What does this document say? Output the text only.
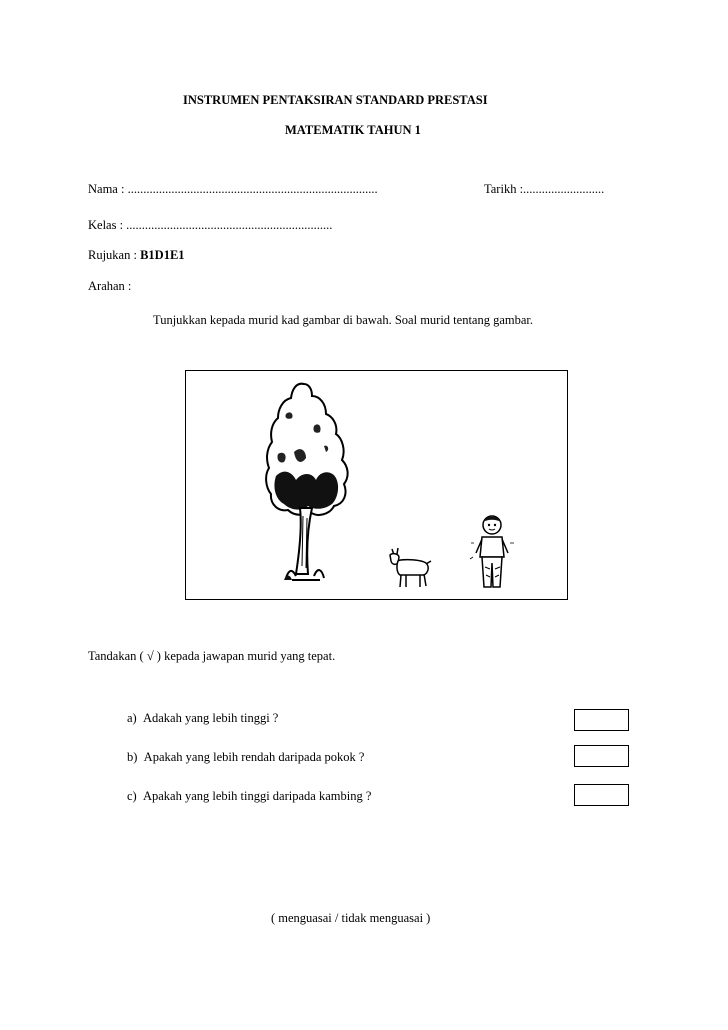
INSTRUMEN PENTAKSIRAN STANDARD PRESTASI
MATEMATIK TAHUN 1
Nama : ................................................................................	Tarikh :..........................
Kelas : ..................................................................
Rujukan : B1D1E1
Arahan :
Tunjukkan kepada murid kad gambar di bawah. Soal murid tentang gambar.
Tandakan ( √ ) kepada jawapan murid yang tepat.
a) Adakah yang lebih tinggi ?
b) Apakah yang lebih rendah daripada pokok ?
c) Apakah yang lebih tinggi daripada kambing ?
( menguasai / tidak menguasai )
